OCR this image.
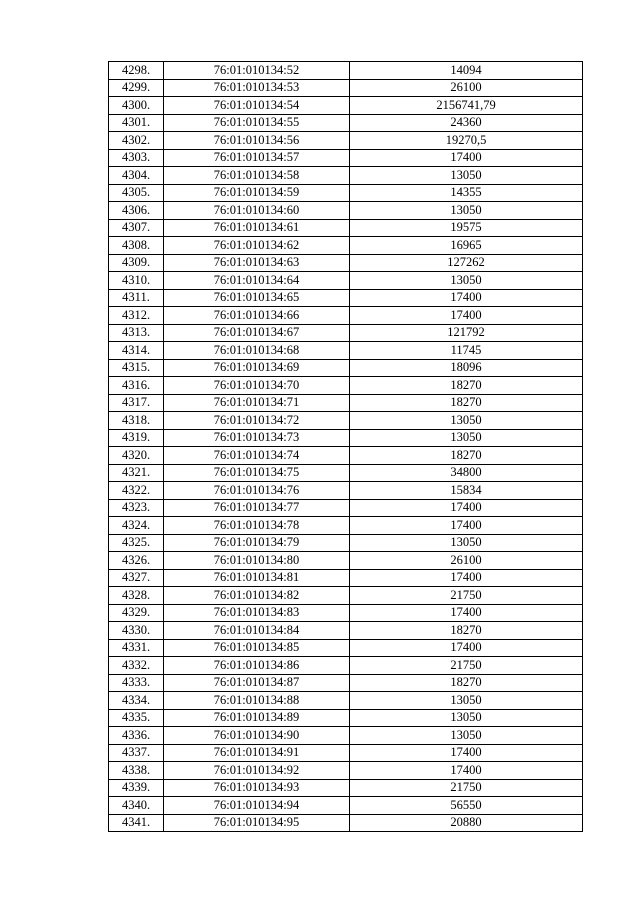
4298.	76:01:010134:52	14094
4299.	76:01:010134:53	26100
4300.	76:01:010134:54	2156741,79
4301.	76:01:010134:55	24360
4302.	76:01:010134:56	19270,5
4303.	76:01:010134:57	17400
4304.	76:01:010134:58	13050
4305.	76:01:010134:59	14355
4306.	76:01:010134:60	13050
4307.	76:01:010134:61	19575
4308.	76:01:010134:62	16965
4309.	76:01:010134:63	127262
4310.	76:01:010134:64	13050
4311.	76:01:010134:65	17400
4312.	76:01:010134:66	17400
4313.	76:01:010134:67	121792
4314.	76:01:010134:68	11745
4315.	76:01:010134:69	18096
4316.	76:01:010134:70	18270
4317.	76:01:010134:71	18270
4318.	76:01:010134:72	13050
4319.	76:01:010134:73	13050
4320.	76:01:010134:74	18270
4321.	76:01:010134:75	34800
4322.	76:01:010134:76	15834
4323.	76:01:010134:77	17400
4324.	76:01:010134:78	17400
4325.	76:01:010134:79	13050
4326.	76:01:010134:80	26100
4327.	76:01:010134:81	17400
4328.	76:01:010134:82	21750
4329.	76:01:010134:83	17400
4330.	76:01:010134:84	18270
4331.	76:01:010134:85	17400
4332.	76:01:010134:86	21750
4333.	76:01:010134:87	18270
4334.	76:01:010134:88	13050
4335.	76:01:010134:89	13050
4336.	76:01:010134:90	13050
4337.	76:01:010134:91	17400
4338.	76:01:010134:92	17400
4339.	76:01:010134:93	21750
4340.	76:01:010134:94	56550
4341.	76:01:010134:95	20880
